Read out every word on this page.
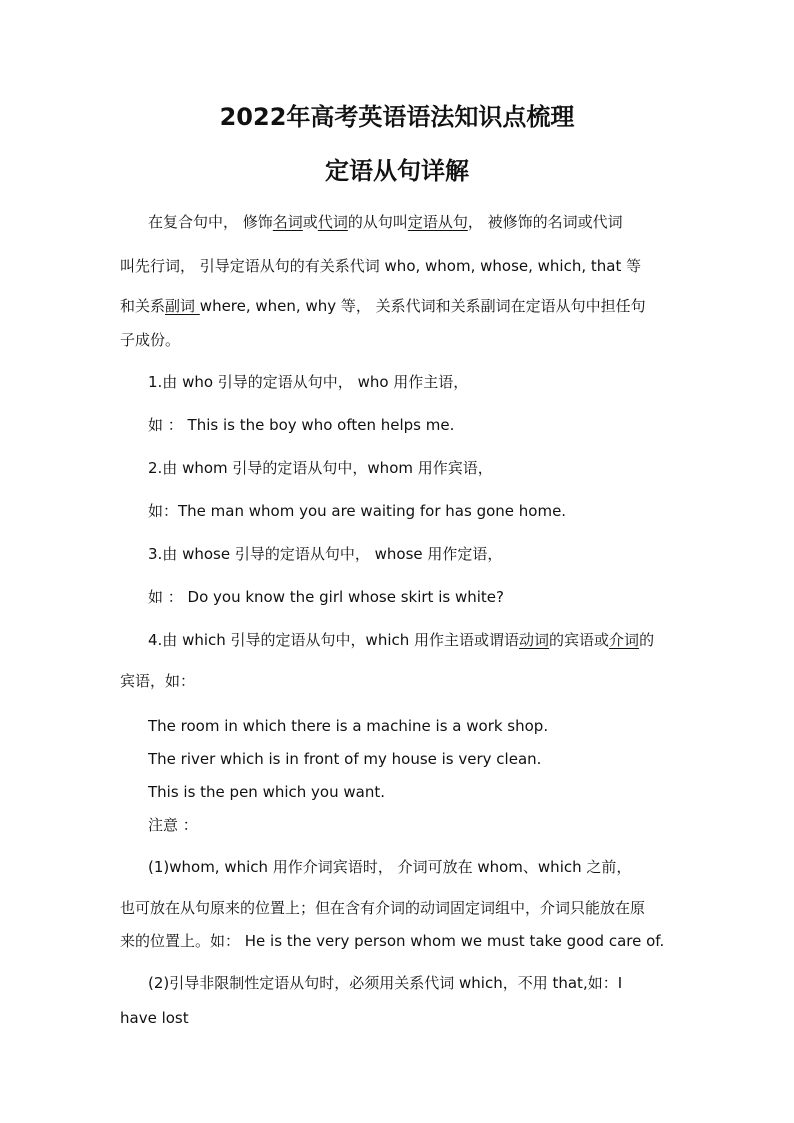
2022年高考英语语法知识点梳理
定语从句详解

在复合句中， 修饰名词或代词的从句叫定语从句， 被修饰的名词或代词

叫先行词， 引导定语从句的有关系代词 who, whom, whose, which, that 等

和关系副词 where, when, why 等， 关系代词和关系副词在定语从句中担任句

子成份。

1.由 who 引导的定语从句中， who 用作主语，

如 ： This is the boy who often helps me.

2.由 whom 引导的定语从句中，whom 用作宾语，

如：The man whom you are waiting for has gone home.

3.由 whose 引导的定语从句中， whose 用作定语，

如 ： Do you know the girl whose skirt is white?

4.由 which 引导的定语从句中，which 用作主语或谓语动词的宾语或介词的

宾语，如：

The room in which there is a machine is a work shop.

The river which is in front of my house is very clean.

This is the pen which you want.

注意 ：

(1)whom, which 用作介词宾语时， 介词可放在 whom、which 之前，

也可放在从句原来的位置上；但在含有介词的动词固定词组中，介词只能放在原

来的位置上。如： He is the very person whom we must take good care of.

(2)引导非限制性定语从句时，必须用关系代词 which，不用 that,如：I

have lost
